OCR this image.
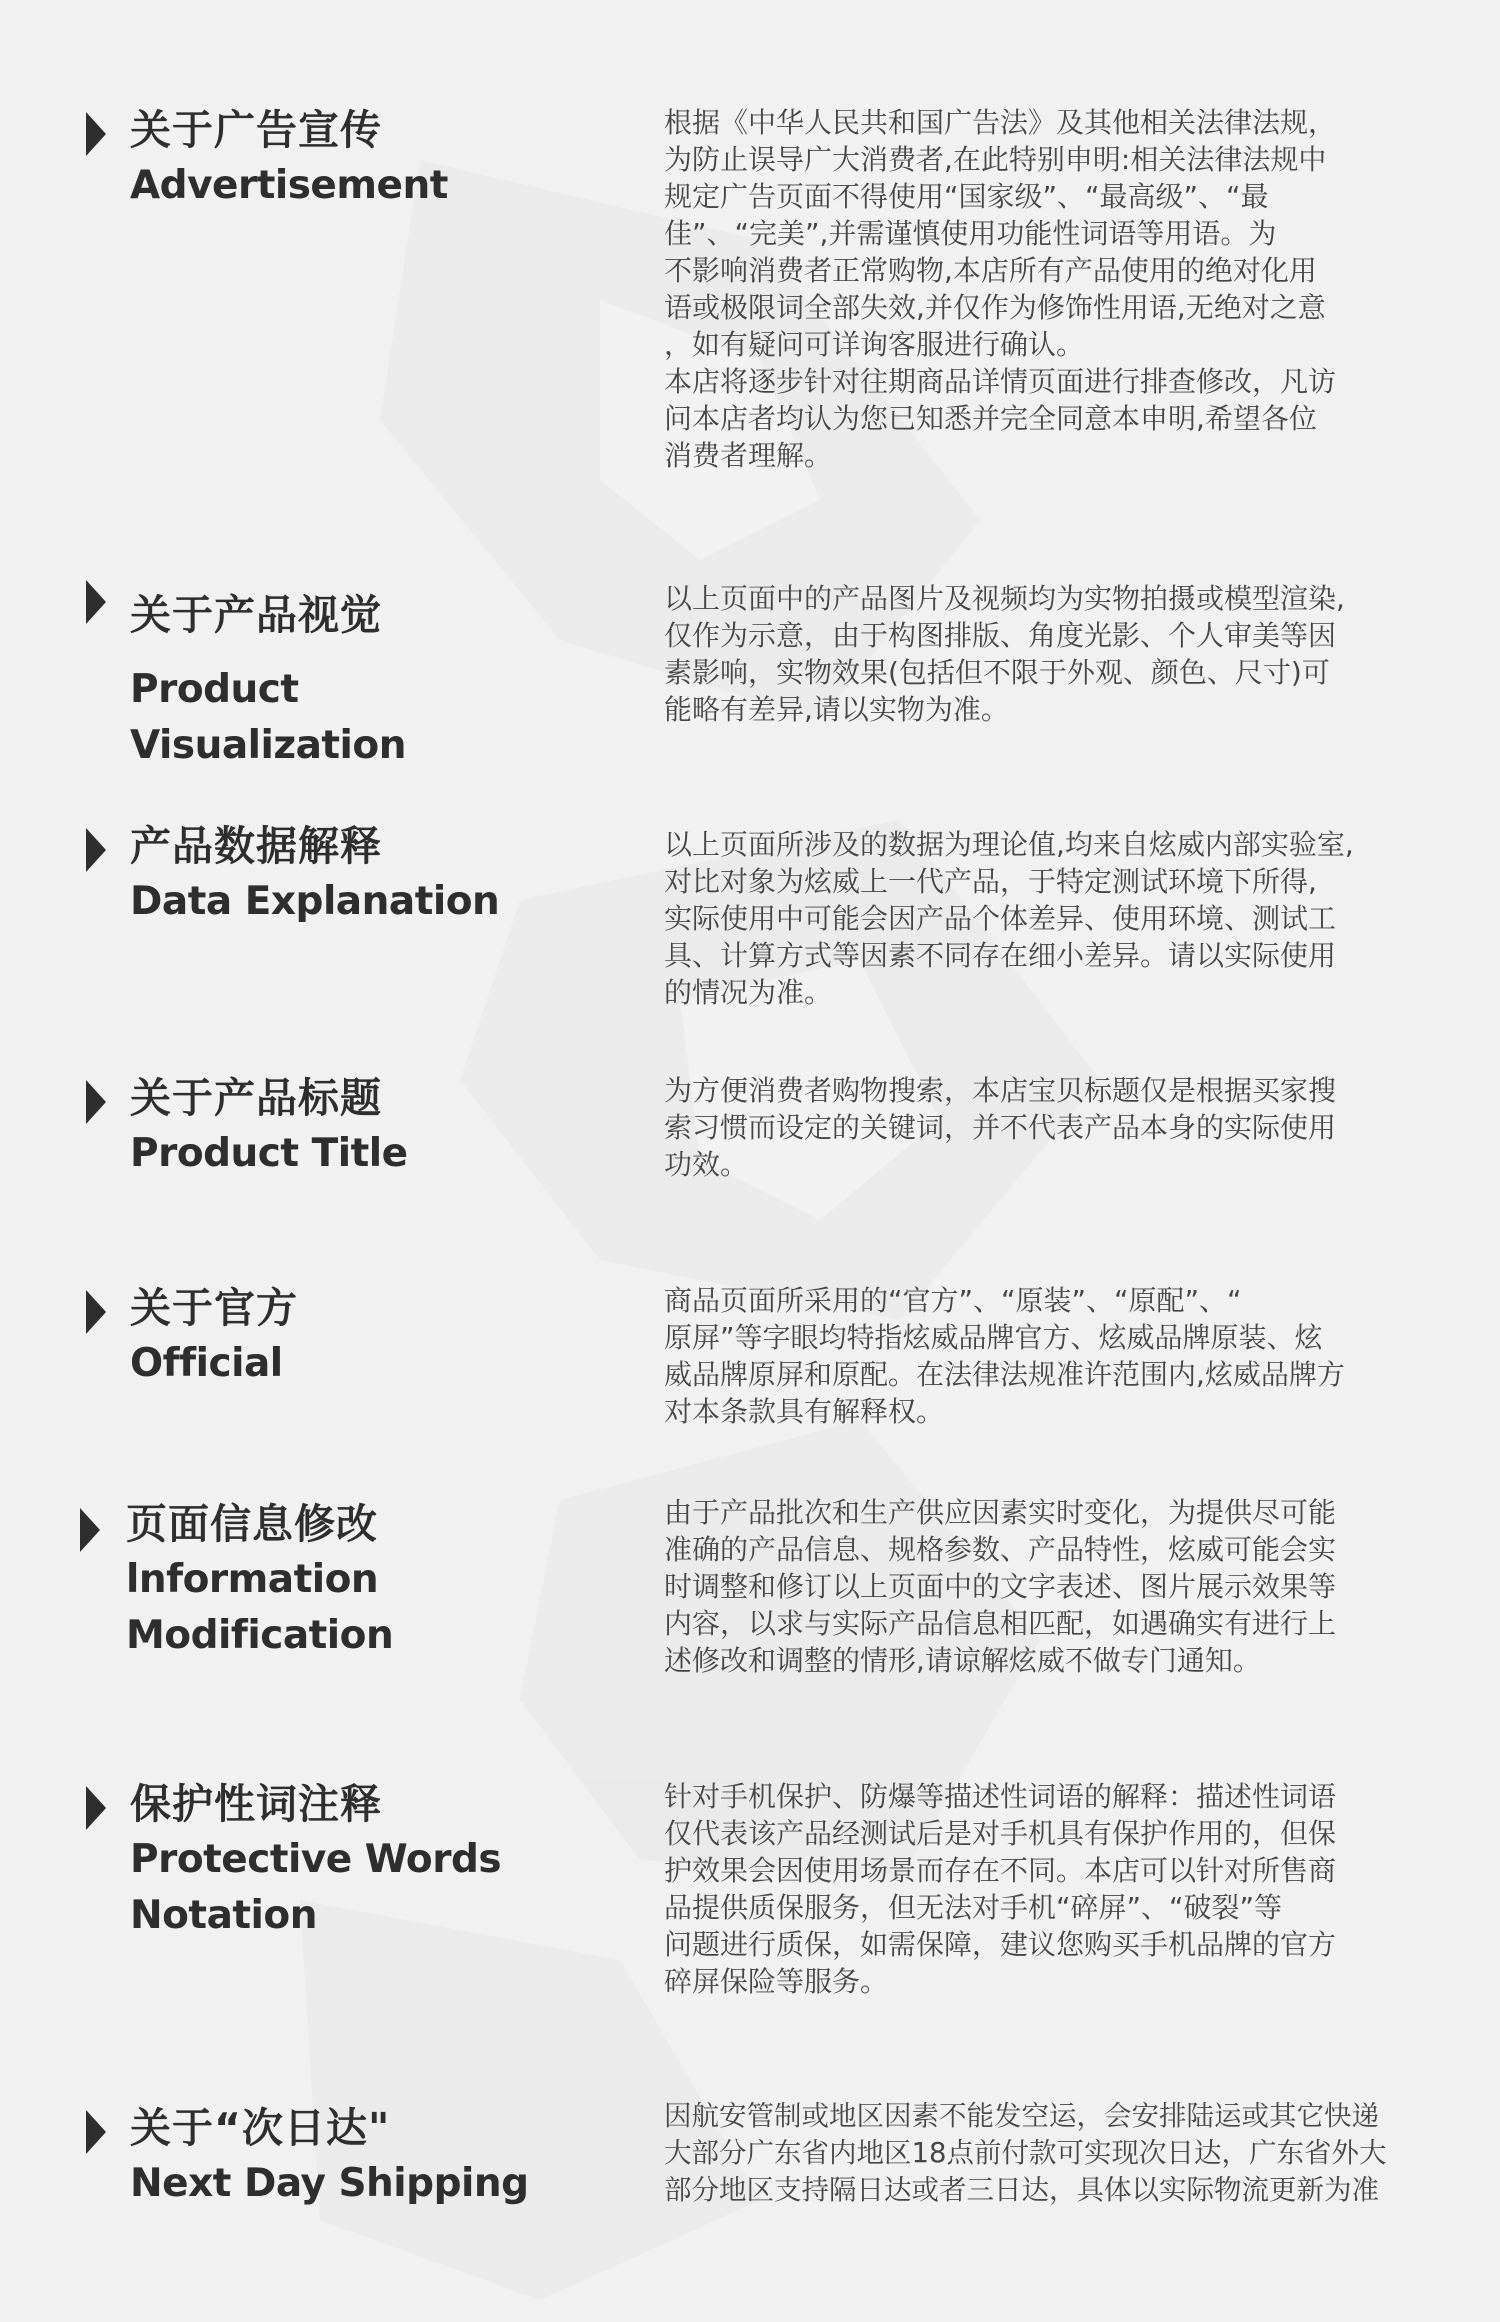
关于广告宣传
Advertisement
根据《中华人民共和国广告法》及其他相关法律法规，
为防止误导广大消费者,在此特别申明:相关法律法规中
规定广告页面不得使用“国家级”、“最高级”、“最
佳”、“完美”,并需谨慎使用功能性词语等用语。为
不影响消费者正常购物,本店所有产品使用的绝对化用
语或极限词全部失效,并仅作为修饰性用语,无绝对之意
，如有疑问可详询客服进行确认。
本店将逐步针对往期商品详情页面进行排查修改，凡访
问本店者均认为您已知悉并完全同意本申明,希望各位
消费者理解。

关于产品视觉

Product
Visualization

以上页面中的产品图片及视频均为实物拍摄或模型渲染,
仅作为示意，由于构图排版、角度光影、个人审美等因
素影响，实物效果(包括但不限于外观、颜色、尺寸)可
能略有差异,请以实物为准。
产品数据解释
Data Explanation
以上页面所涉及的数据为理论值,均来自炫威内部实验室,
对比对象为炫威上一代产品，于特定测试环境下所得,
实际使用中可能会因产品个体差异、使用环境、测试工
具、计算方式等因素不同存在细小差异。请以实际使用
的情况为准。
关于产品标题
Product Title
为方便消费者购物搜索，本店宝贝标题仅是根据买家搜
索习惯而设定的关键词，并不代表产品本身的实际使用
功效。
关于官方
Official
商品页面所采用的“官方”、“原装”、“原配”、“
原屏”等字眼均特指炫威品牌官方、炫威品牌原装、炫
威品牌原屏和原配。在法律法规准许范围内,炫威品牌方
对本条款具有解释权。
页面信息修改
lnformation
Modification
由于产品批次和生产供应因素实时变化，为提供尽可能
准确的产品信息、规格参数、产品特性，炫威可能会实
时调整和修订以上页面中的文字表述、图片展示效果等
内容，以求与实际产品信息相匹配，如遇确实有进行上
述修改和调整的情形,请谅解炫威不做专门通知。
保护性词注释
Protective Words
Notation
针对手机保护、防爆等描述性词语的解释：描述性词语
仅代表该产品经测试后是对手机具有保护作用的，但保
护效果会因使用场景而存在不同。本店可以针对所售商
品提供质保服务，但无法对手机“碎屏”、“破裂”等
问题进行质保，如需保障，建议您购买手机品牌的官方
碎屏保险等服务。
关于“次日达"
Next Day Shipping
因航安管制或地区因素不能发空运，会安排陆运或其它快递
大部分广东省内地区18点前付款可实现次日达，广东省外大
部分地区支持隔日达或者三日达，具体以实际物流更新为准
